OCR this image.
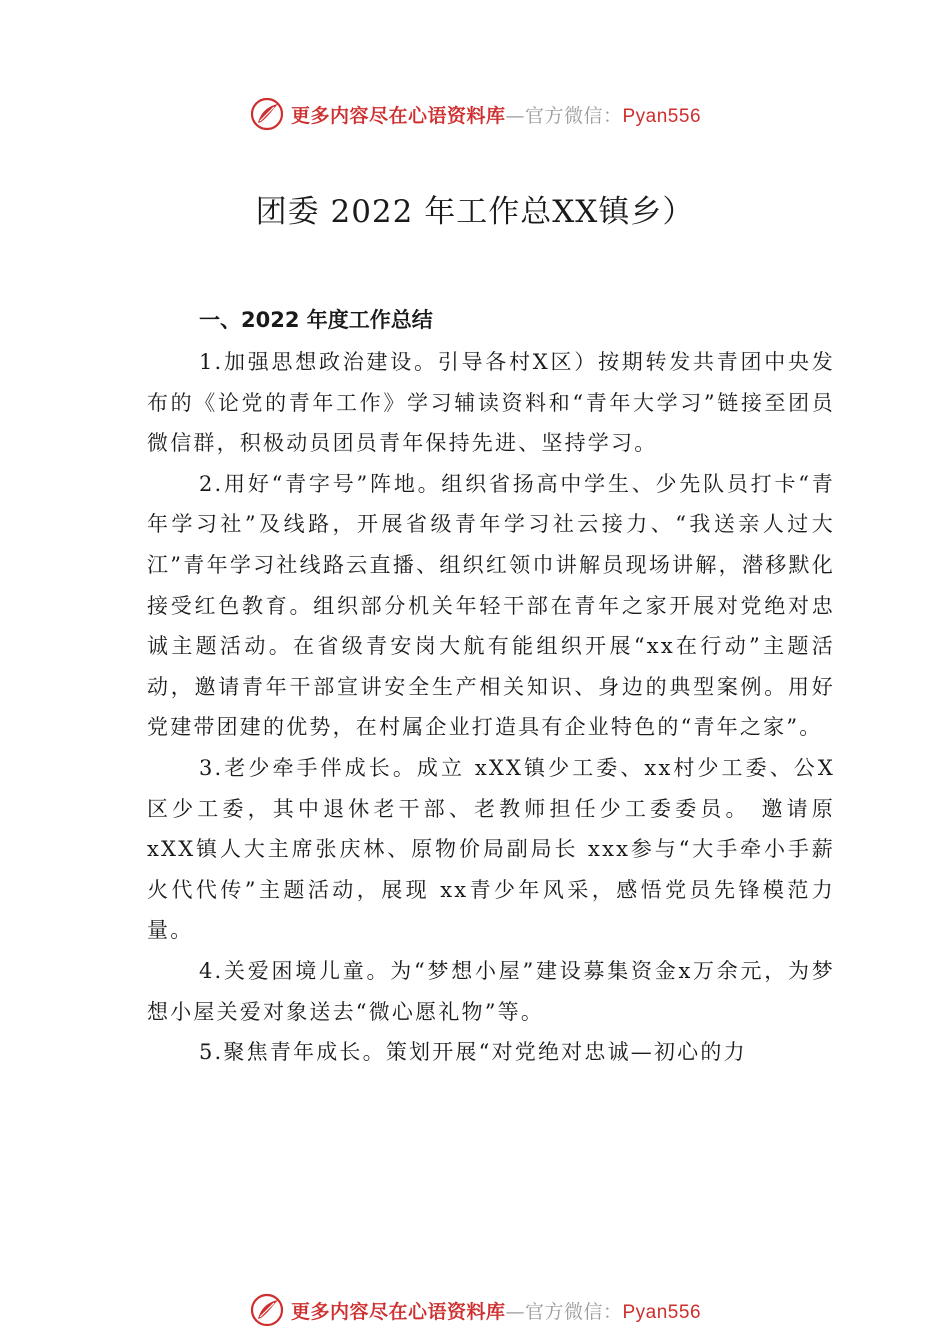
更多内容尽在心语资料库—官方微信：Pyan556
团委 2022 年工作总XX镇乡）

一、2022 年度工作总结

1.加强思想政治建设。引导各村X区）按期转发共青团中央发布的《论党的青年工作》学习辅读资料和“青年大学习”链接至团员微信群，积极动员团员青年保持先进、坚持学习。

2.用好“青字号”阵地。组织省扬高中学生、少先队员打卡“青年学习社”及线路，开展省级青年学习社云接力、“我送亲人过大江”青年学习社线路云直播、组织红领巾讲解员现场讲解，潜移默化接受红色教育。组织部分机关年轻干部在青年之家开展对党绝对忠诚主题活动。在省级青安岗大航有能组织开展“xx在行动”主题活动，邀请青年干部宣讲安全生产相关知识、身边的典型案例。用好党建带团建的优势，在村属企业打造具有企业特色的“青年之家”。

3.老少牵手伴成长。成立 xXX镇少工委、xx村少工委、公X区少工委，其中退休老干部、老教师担任少工委委员。 邀请原 xXX镇人大主席张庆林、原物价局副局长 xxx参与“大手牵小手薪火代代传”主题活动，展现 xx青少年风采，感悟党员先锋模范力量。

4.关爱困境儿童。为“梦想小屋”建设募集资金x万余元，为梦想小屋关爱对象送去“微心愿礼物”等。

5.聚焦青年成长。策划开展“对党绝对忠诚—初心的力

更多内容尽在心语资料库—官方微信：Pyan556
